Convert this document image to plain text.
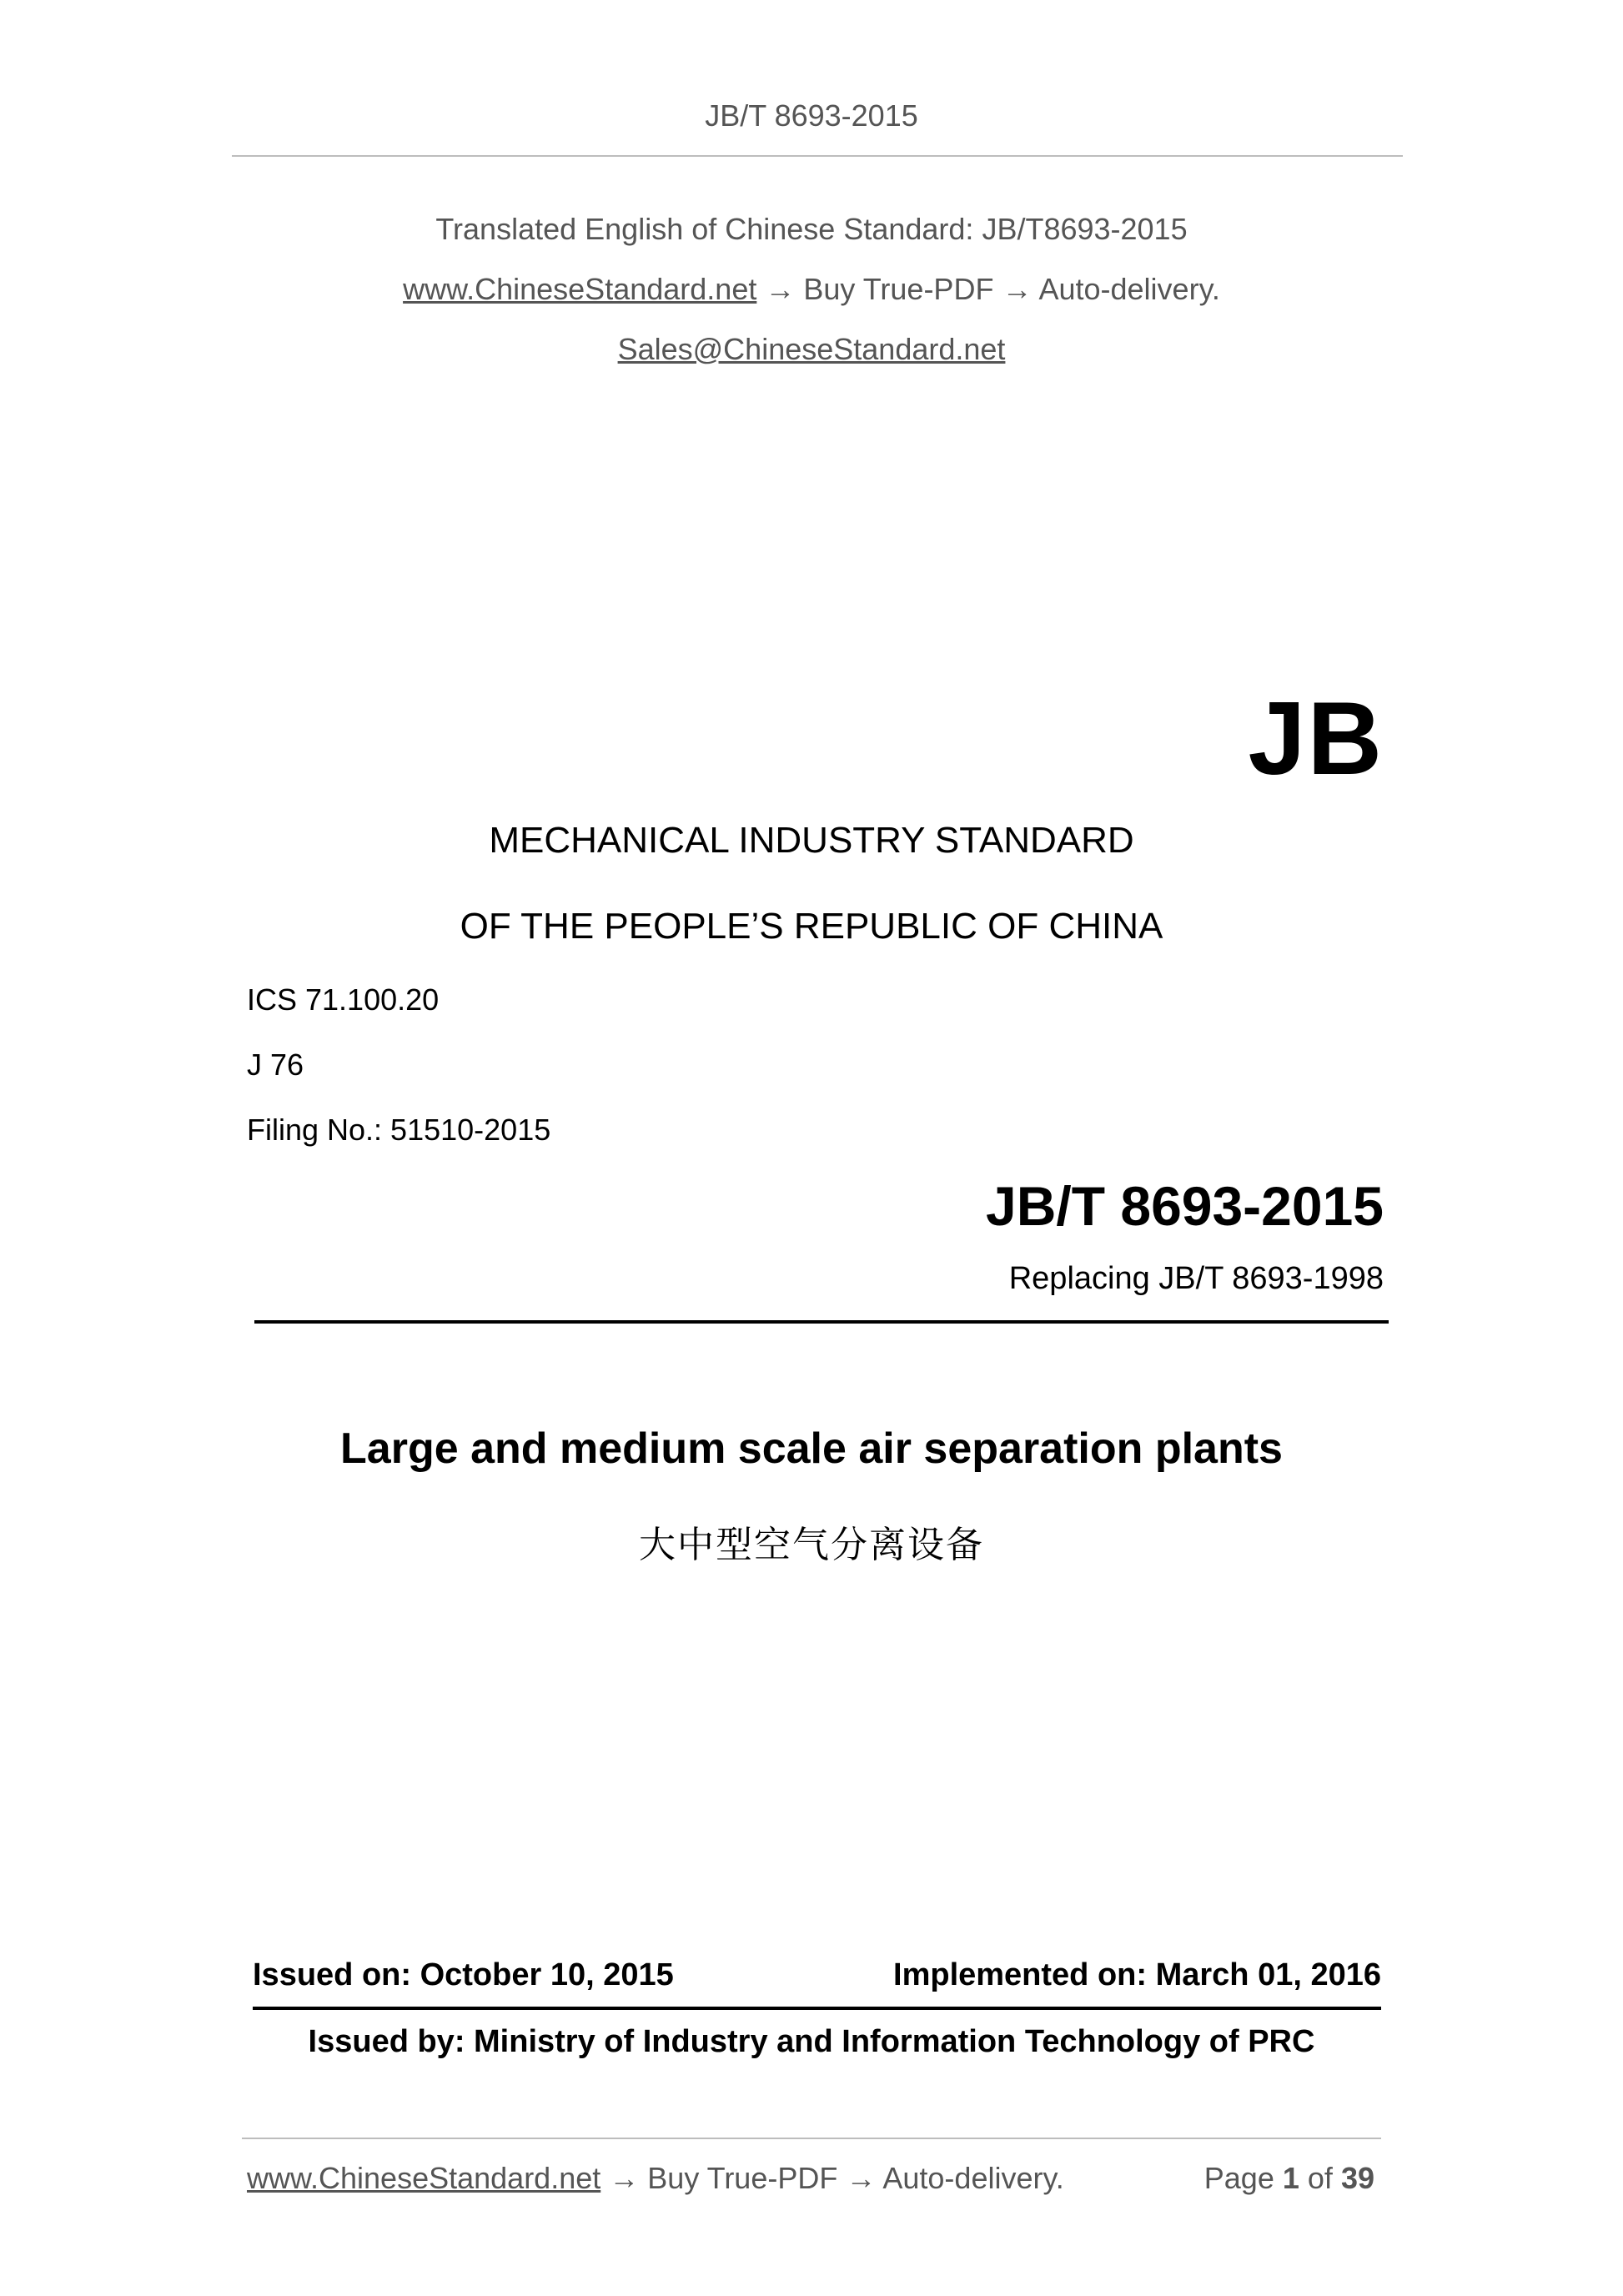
JB/T 8693-2015
Translated English of Chinese Standard: JB/T8693-2015
www.ChineseStandard.net → Buy True-PDF → Auto-delivery.
Sales@ChineseStandard.net
JB
MECHANICAL INDUSTRY STANDARD
OF THE PEOPLE’S REPUBLIC OF CHINA
ICS 71.100.20
J 76
Filing No.: 51510-2015
JB/T 8693-2015
Replacing JB/T 8693-1998
Large and medium scale air separation plants
大中型空气分离设备
Issued on: October 10, 2015	Implemented on: March 01, 2016
Issued by: Ministry of Industry and Information Technology of PRC
www.ChineseStandard.net → Buy True-PDF → Auto-delivery.	Page 1 of 39
